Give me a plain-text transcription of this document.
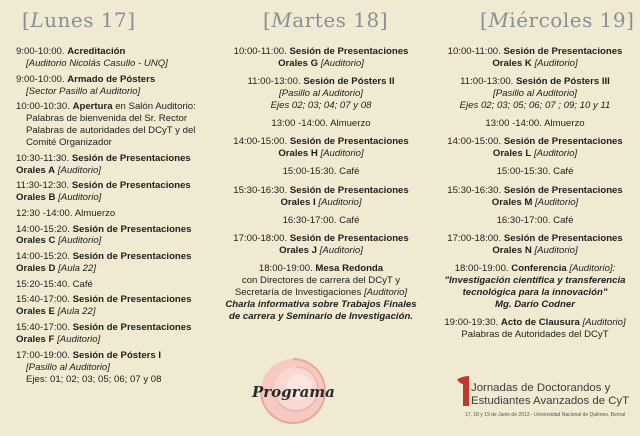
[Lunes 17]

9:00-10:00. Acreditación
[Auditorio Nicolás Casullo - UNQ]

9:00-10:00. Armado de Pósters
[Sector Pasillo al Auditorio]

10:00-10:30. Apertura en Salón Auditorio:
Palabras de bienvenida del Sr. Rector Palabras de autoridades del DCyT y del Comité Organizador

10:30-11:30. Sesión de Presentaciones Orales A [Auditorio]

11:30-12:30. Sesión de Presentaciones Orales B [Auditorio]

12:30 -14:00. Almuerzo

14:00-15:20. Sesión de Presentaciones Orales C [Auditorio]

14:00-15:20. Sesión de Presentaciones Orales D [Aula 22]

15:20-15:40. Café

15:40-17:00. Sesión de Presentaciones Orales E [Aula 22]

15:40-17:00. Sesión de Presentaciones Orales F [Auditorio]

17:00-19:00. Sesión de Pósters I
[Pasillo al Auditorio]
Ejes: 01; 02; 03; 05; 06; 07 y 08

[Martes 18]

10:00-11:00. Sesión de Presentaciones Orales G [Auditorio]

11:00-13:00. Sesión de Pósters II
[Pasillo al Auditorio]
Ejes 02; 03; 04; 07 y 08

13:00 -14:00. Almuerzo

14:00-15:00. Sesión de Presentaciones Orales H [Auditorio]

15:00-15:30. Café

15:30-16:30. Sesión de Presentaciones Orales I [Auditorio]

16:30-17:00. Café

17:00-18:00. Sesión de Presentaciones Orales J [Auditorio]

18:00-19:00. Mesa Redonda
con Directores de carrera del DCyT y Secretaría de Investigaciones [Auditorio]
Charla informativa sobre Trabajos Finales de carrera y Seminario de Investigación.

[Miércoles 19]

10:00-11:00. Sesión de Presentaciones Orales K [Auditorio]

11:00-13:00. Sesión de Pósters III
[Pasillo al Auditorio]
Ejes 02; 03; 05; 06; 07 ; 09; 10 y 11

13:00 -14:00. Almuerzo

14:00-15:00. Sesión de Presentaciones Orales L [Auditorio]

15:00-15:30. Café

15:30-16:30. Sesión de Presentaciones Orales M [Auditorio]

16:30-17:00. Café

17:00-18:00. Sesión de Presentaciones Orales N [Auditorio]

18:00-19:00. Conferencia [Auditorio]:
"Investigación científica y transferencia tecnológica para la innovación"
Mg. Darío Codner

19:00-19:30. Acto de Clausura [Auditorio]
Palabras de Autoridades del DCyT

Programa	Jornadas de Doctorandos y
Estudiantes Avanzados de CyT
17, 18 y 19 de Junio de 2013 - Universidad Nacional de Quilmes, Bernal
